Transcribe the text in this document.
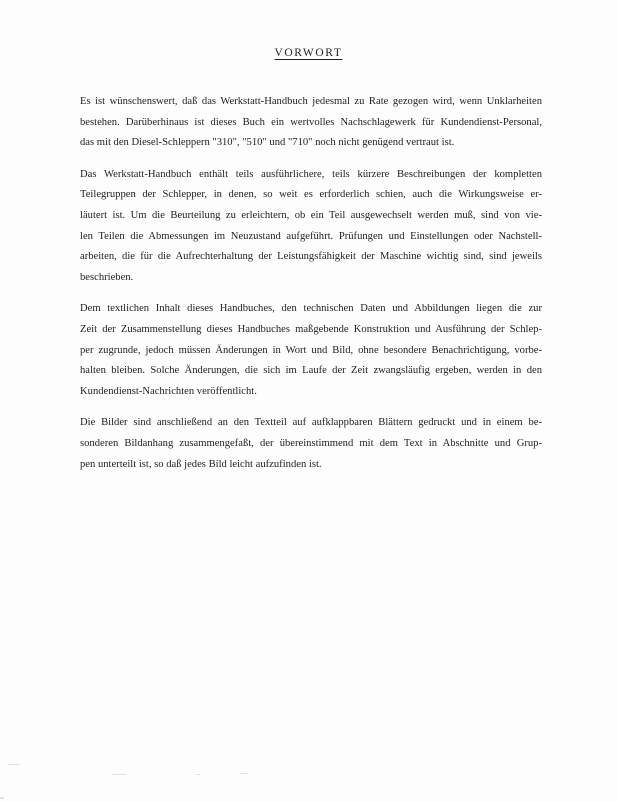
VORWORT
Es ist wünschenswert, daß das Werkstatt-Handbuch jedesmal zu Rate gezogen wird, wenn Unklarheiten
bestehen. Darüberhinaus ist dieses Buch ein wertvolles Nachschlagewerk für Kundendienst-Personal,
das mit den Diesel-Schleppern "310", "510" und "710" noch nicht genügend vertraut ist.
Das Werkstatt-Handbuch enthält teils ausführlichere, teils kürzere Beschreibungen der kompletten
Teilegruppen der Schlepper, in denen, so weit es erforderlich schien, auch die Wirkungsweise er-
läutert ist. Um die Beurteilung zu erleichtern, ob ein Teil ausgewechselt werden muß, sind von vie-
len Teilen die Abmessungen im Neuzustand aufgeführt. Prüfungen und Einstellungen oder Nachstell-
arbeiten, die für die Aufrechterhaltung der Leistungsfähigkeit der Maschine wichtig sind, sind jeweils
beschrieben.
Dem textlichen Inhalt dieses Handbuches, den technischen Daten und Abbildungen liegen die zur
Zeit der Zusammenstellung dieses Handbuches maßgebende Konstruktion und Ausführung der Schlep-
per zugrunde, jedoch müssen Änderungen in Wort und Bild, ohne besondere Benachrichtigung, vorbe-
halten bleiben. Solche Änderungen, die sich im Laufe der Zeit zwangsläufig ergeben, werden in den
Kundendienst-Nachrichten veröffentlicht.
Die Bilder sind anschließend an den Textteil auf aufklappbaren Blättern gedruckt und in einem be-
sonderen Bildanhang zusammengefaßt, der übereinstimmend mit dem Text in Abschnitte und Grup-
pen unterteilt ist, so daß jedes Bild leicht aufzufinden ist.
